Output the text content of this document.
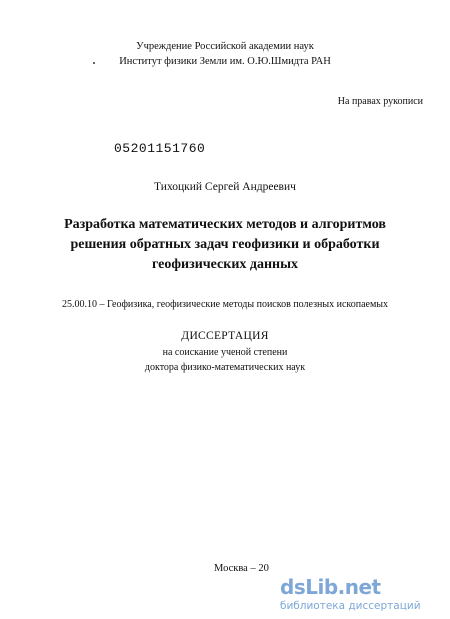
Учреждение Российской академии наук
Институт физики Земли им. О.Ю.Шмидта РАН
На правах рукописи
05201151760
Тихоцкий Сергей Андреевич
Разработка математических методов и алгоритмов
решения обратных задач геофизики и обработки
геофизических данных
25.00.10 – Геофизика, геофизические методы поисков полезных ископаемых
ДИССЕРТАЦИЯ
на соискание ученой степени
доктора физико-математических наук
Москва – 20
dsLib.net
библиотека диссертаций
